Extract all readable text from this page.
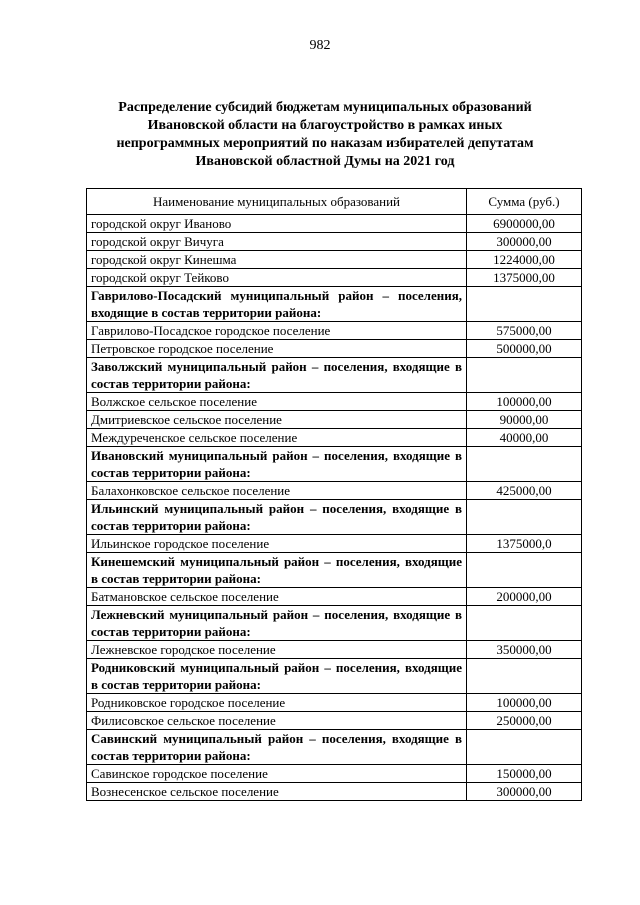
982
Распределение субсидий бюджетам муниципальных образований Ивановской области на благоустройство в рамках иных непрограммных мероприятий по наказам избирателей депутатам Ивановской областной Думы на 2021 год
Наименование муниципальных образований	Сумма (руб.)
городской округ Иваново	6900000,00
городской округ Вичуга	300000,00
городской округ Кинешма	1224000,00
городской округ Тейково	1375000,00
Гаврилово-Посадский муниципальный район – поселения, входящие в состав территории района:	
Гаврилово-Посадское городское поселение	575000,00
Петровское городское поселение	500000,00
Заволжский муниципальный район – поселения, входящие в состав территории района:	
Волжское сельское поселение	100000,00
Дмитриевское сельское поселение	90000,00
Междуреченское сельское поселение	40000,00
Ивановский муниципальный район – поселения, входящие в состав территории района:	
Балахонковское сельское поселение	425000,00
Ильинский муниципальный район – поселения, входящие в состав территории района:	
Ильинское городское поселение	1375000,0
Кинешемский муниципальный район – поселения, входящие в состав территории района:	
Батмановское сельское поселение	200000,00
Лежневский муниципальный район – поселения, входящие в состав территории района:	
Лежневское городское поселение	350000,00
Родниковский муниципальный район – поселения, входящие в состав территории района:	
Родниковское городское поселение	100000,00
Филисовское сельское поселение	250000,00
Савинский муниципальный район – поселения, входящие в состав территории района:	
Савинское городское поселение	150000,00
Вознесенское сельское поселение	300000,00
